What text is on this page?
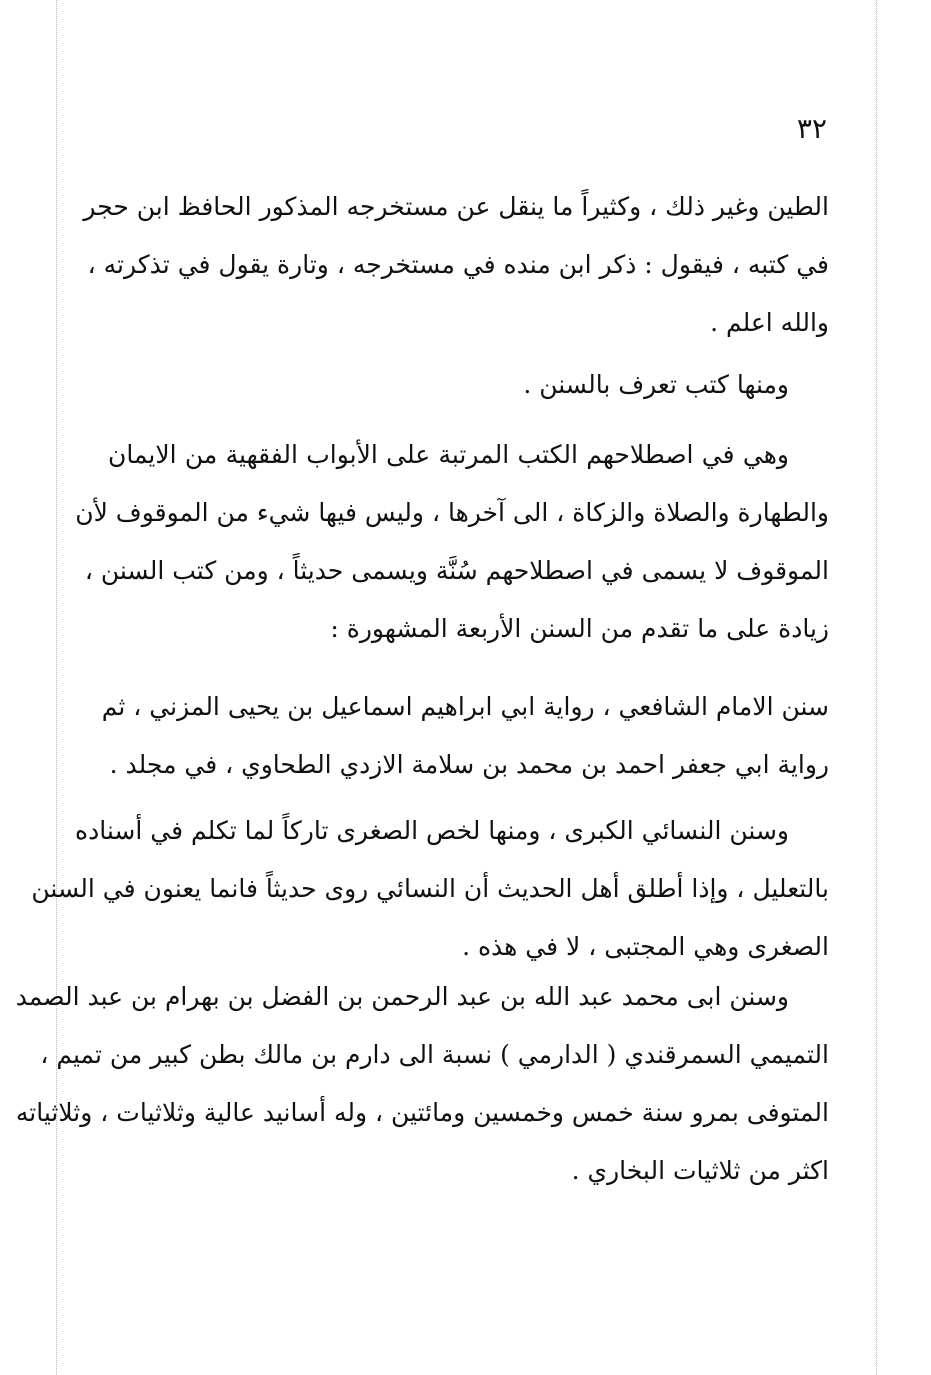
٣٢
الطين وغير ذلك ، وكثيراً ما ينقل عن مستخرجه المذكور الحافظ ابن حجر
في كتبه ، فيقول : ذكر ابن منده في مستخرجه ، وتارة يقول في تذكرته ،
والله اعلم .
ومنها كتب تعرف بالسنن .
وهي في اصطلاحهم الكتب المرتبة على الأبواب الفقهية من الايمان
والطهارة والصلاة والزكاة ، الى آخرها ، وليس فيها شيء من الموقوف لأن
الموقوف لا يسمى في اصطلاحهم سُنَّة ويسمى حديثاً ، ومن كتب السنن ،
زيادة على ما تقدم من السنن الأربعة المشهورة :
سنن الامام الشافعي ، رواية ابي ابراهيم اسماعيل بن يحيى المزني ، ثم
رواية ابي جعفر احمد بن محمد بن سلامة الازدي الطحاوي ، في مجلد .
وسنن النسائي الكبرى ، ومنها لخص الصغرى تاركاً لما تكلم في أسناده
بالتعليل ، وإذا أطلق أهل الحديث أن النسائي روى حديثاً فانما يعنون في السنن
الصغرى وهي المجتبى ، لا في هذه .
وسنن ابى محمد عبد الله بن عبد الرحمن بن الفضل بن بهرام بن عبد الصمد
التميمي السمرقندي ( الدارمي ) نسبة الى دارم بن مالك بطن كبير من تميم ،
المتوفى بمرو سنة خمس وخمسين ومائتين ، وله أسانيد عالية وثلاثيات ، وثلاثياته
اكثر من ثلاثيات البخاري .
